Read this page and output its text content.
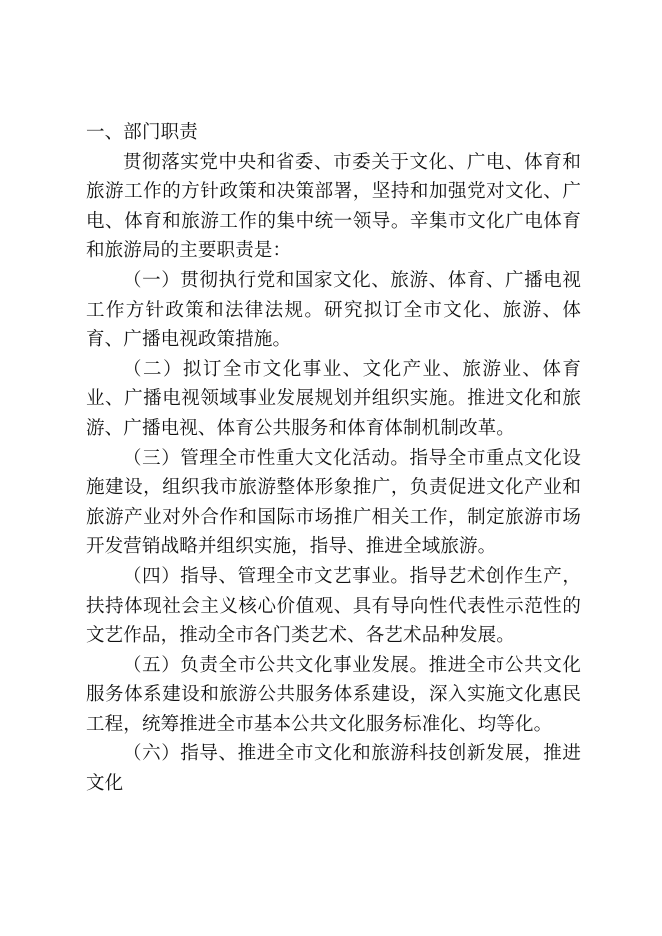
一、部门职责

贯彻落实党中央和省委、市委关于文化、广电、体育和旅游工作的方针政策和决策部署，坚持和加强党对文化、广电、体育和旅游工作的集中统一领导。辛集市文化广电体育和旅游局的主要职责是：

（一）贯彻执行党和国家文化、旅游、体育、广播电视工作方针政策和法律法规。研究拟订全市文化、旅游、体育、广播电视政策措施。

（二）拟订全市文化事业、文化产业、旅游业、体育业、广播电视领域事业发展规划并组织实施。推进文化和旅游、广播电视、体育公共服务和体育体制机制改革。

（三）管理全市性重大文化活动。指导全市重点文化设施建设，组织我市旅游整体形象推广，负责促进文化产业和旅游产业对外合作和国际市场推广相关工作，制定旅游市场开发营销战略并组织实施，指导、推进全域旅游。

（四）指导、管理全市文艺事业。指导艺术创作生产，扶持体现社会主义核心价值观、具有导向性代表性示范性的文艺作品，推动全市各门类艺术、各艺术品种发展。

（五）负责全市公共文化事业发展。推进全市公共文化服务体系建设和旅游公共服务体系建设，深入实施文化惠民工程，统筹推进全市基本公共文化服务标准化、均等化。

（六）指导、推进全市文化和旅游科技创新发展，推进文化
